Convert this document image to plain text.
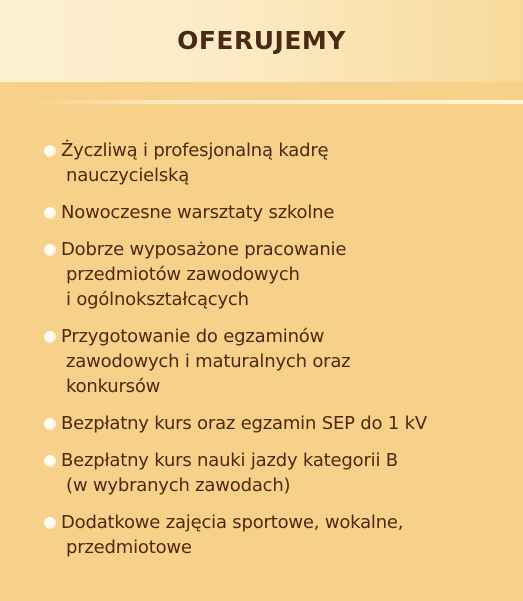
OFERUJEMY
Życzliwą i profesjonalną kadrę
nauczycielską
Nowoczesne warsztaty szkolne
Dobrze wyposażone pracowanie
przedmiotów zawodowych
i ogólnokształcących
Przygotowanie do egzaminów
zawodowych i maturalnych oraz
konkursów
Bezpłatny kurs oraz egzamin SEP do 1 kV
Bezpłatny kurs nauki jazdy kategorii B
(w wybranych zawodach)
Dodatkowe zajęcia sportowe, wokalne,
przedmiotowe
